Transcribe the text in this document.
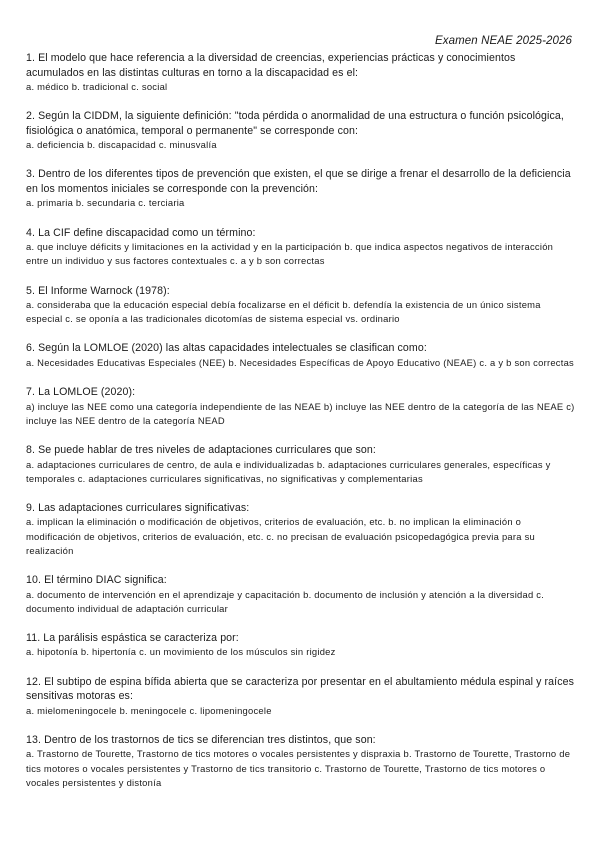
Examen NEAE 2025-2026
1. El modelo que hace referencia a la diversidad de creencias, experiencias prácticas y conocimientos acumulados en las distintas culturas en torno a la discapacidad es el:
a. médico b. tradicional c. social
2. Según la CIDDM, la siguiente definición: "toda pérdida o anormalidad de una estructura o función psicológica, fisiológica o anatómica, temporal o permanente" se corresponde con:
a. deficiencia b. discapacidad c. minusvalía
3. Dentro de los diferentes tipos de prevención que existen, el que se dirige a frenar el desarrollo de la deficiencia en los momentos iniciales se corresponde con la prevención:
a. primaria b. secundaria c. terciaria
4. La CIF define discapacidad como un término:
a. que incluye déficits y limitaciones en la actividad y en la participación b. que indica aspectos negativos de interacción entre un individuo y sus factores contextuales c. a y b son correctas
5. El Informe Warnock (1978):
a. consideraba que la educación especial debía focalizarse en el déficit b. defendía la existencia de un único sistema especial c. se oponía a las tradicionales dicotomías de sistema especial vs. ordinario
6. Según la LOMLOE (2020) las altas capacidades intelectuales se clasifican como:
a. Necesidades Educativas Especiales (NEE) b. Necesidades Específicas de Apoyo Educativo (NEAE) c. a y b son correctas
7. La LOMLOE (2020):
a) incluye las NEE como una categoría independiente de las NEAE b) incluye las NEE dentro de la categoría de las NEAE c) incluye las NEE dentro de la categoría NEAD
8. Se puede hablar de tres niveles de adaptaciones curriculares que son:
a. adaptaciones curriculares de centro, de aula e individualizadas b. adaptaciones curriculares generales, específicas y temporales c. adaptaciones curriculares significativas, no significativas y complementarias
9. Las adaptaciones curriculares significativas:
a. implican la eliminación o modificación de objetivos, criterios de evaluación, etc. b. no implican la eliminación o modificación de objetivos, criterios de evaluación, etc. c. no precisan de evaluación psicopedagógica previa para su realización
10. El término DIAC significa:
a. documento de intervención en el aprendizaje y capacitación b. documento de inclusión y atención a la diversidad c. documento individual de adaptación curricular
11. La parálisis espástica se caracteriza por:
a. hipotonía b. hipertonía c. un movimiento de los músculos sin rigidez
12. El subtipo de espina bífida abierta que se caracteriza por presentar en el abultamiento médula espinal y raíces sensitivas motoras es:
a. mielomeningocele b. meningocele c. lipomeningocele
13. Dentro de los trastornos de tics se diferencian tres distintos, que son:
a. Trastorno de Tourette, Trastorno de tics motores o vocales persistentes y dispraxia b. Trastorno de Tourette, Trastorno de tics motores o vocales persistentes y Trastorno de tics transitorio c. Trastorno de Tourette, Trastorno de tics motores o vocales persistentes y distonía
